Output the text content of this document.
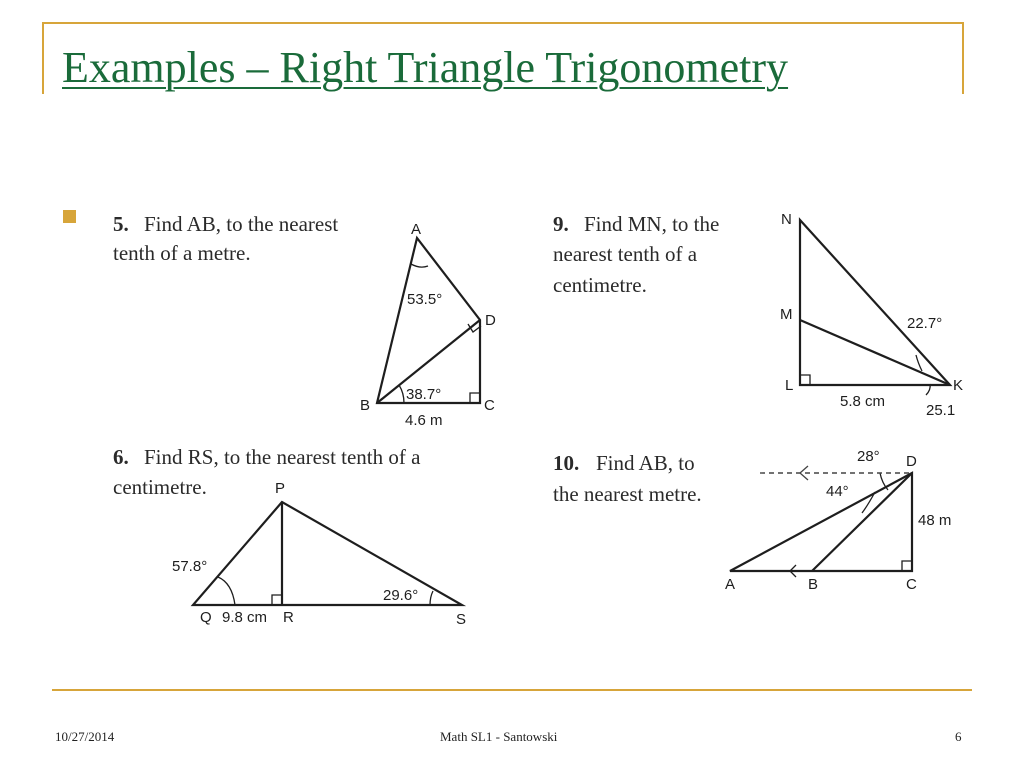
Examples – Right Triangle Trigonometry
5. Find AB, to the nearest
tenth of a metre.
A
B	C
D
53.5°
38.7°
4.6 m
9. Find MN, to the
nearest tenth of a
centimetre.
N
M
L	K
22.7°
5.8 cm
25.1
6. Find RS, to the nearest tenth of a
centimetre.	P
Q	R	S
57.8°
29.6°
9.8 cm
10. Find AB, to
the nearest metre.
A	B	C
D
28°
44°
48 m
10/27/2014	Math SL1 - Santowski	6
